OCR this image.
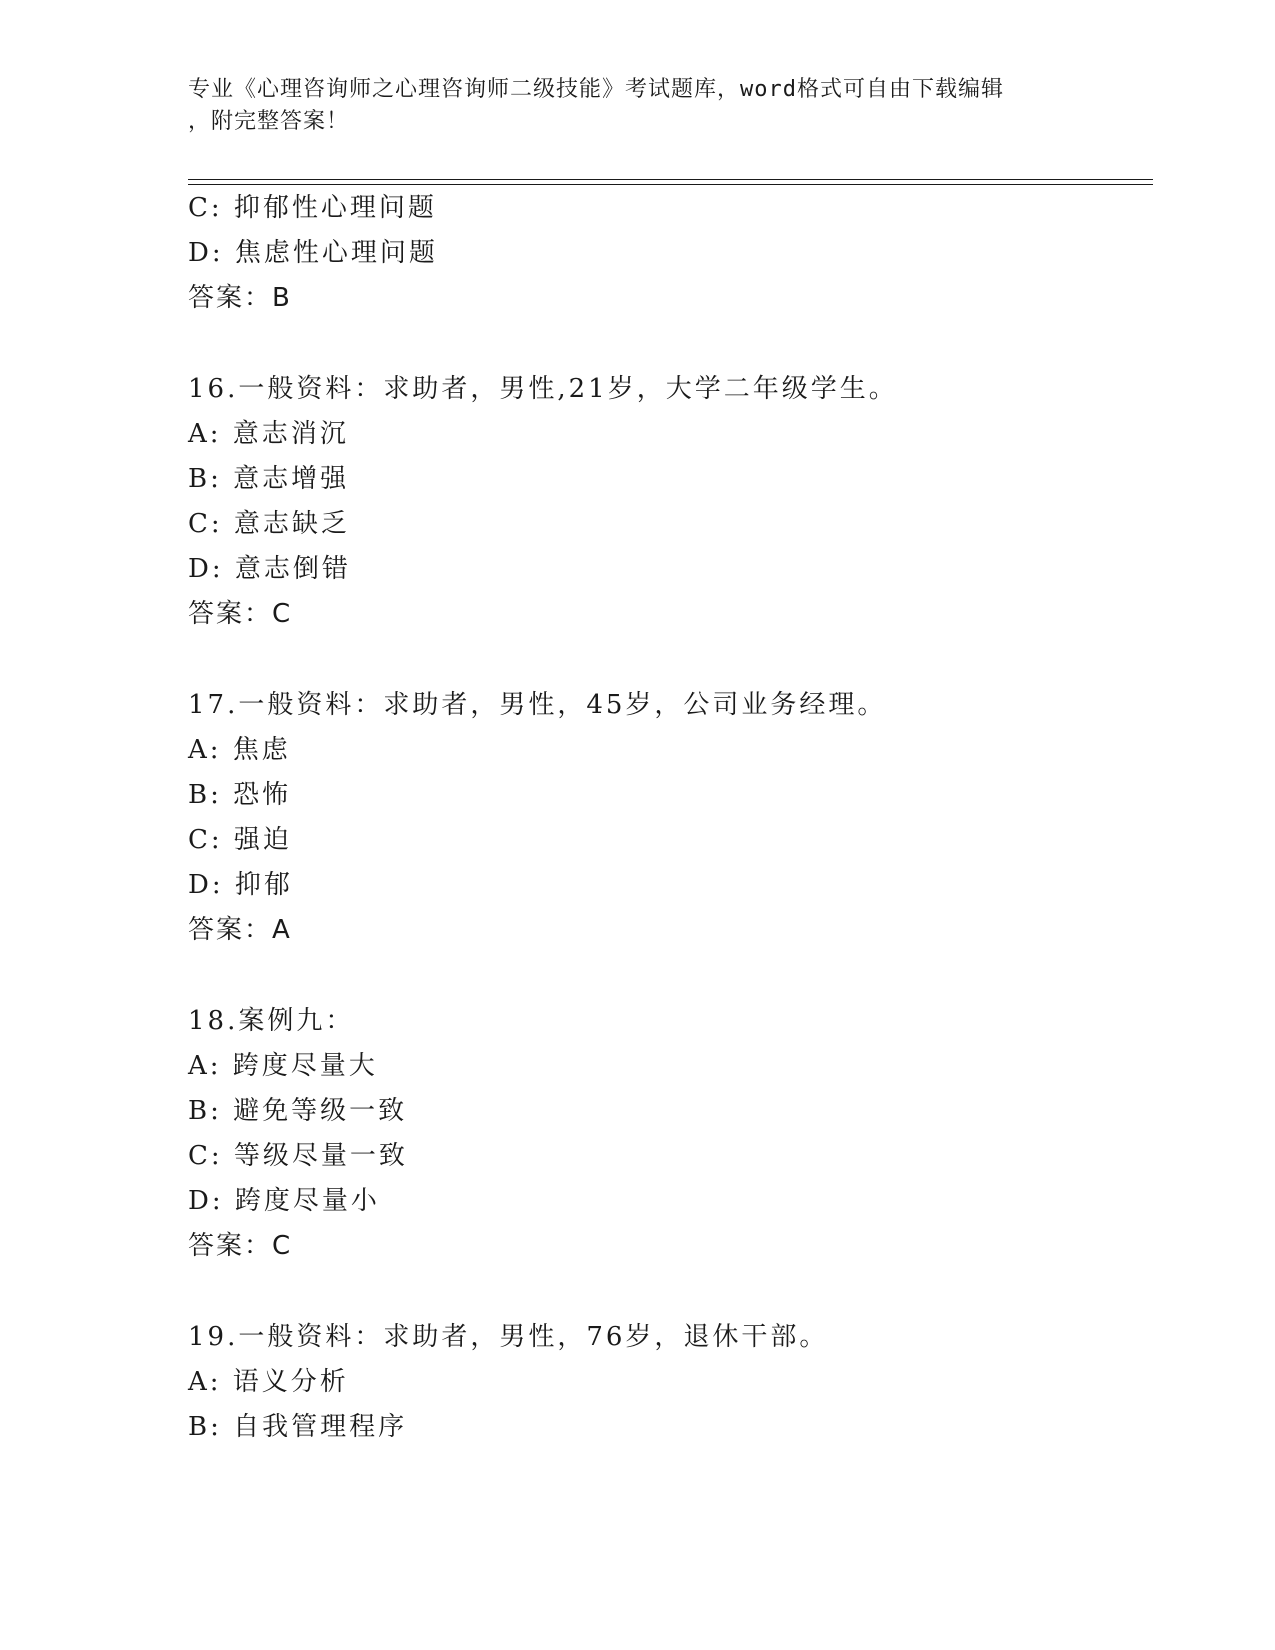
专业《心理咨询师之心理咨询师二级技能》考试题库，word格式可自由下载编辑
，附完整答案！
C: 抑郁性心理问题
D: 焦虑性心理问题
答案：B
16.一般资料：求助者，男性,21岁，大学二年级学生。
A: 意志消沉
B: 意志增强
C: 意志缺乏
D: 意志倒错
答案：C
17.一般资料：求助者，男性，45岁，公司业务经理。
A: 焦虑
B: 恐怖
C: 强迫
D: 抑郁
答案：A
18.案例九：
A: 跨度尽量大
B: 避免等级一致
C: 等级尽量一致
D: 跨度尽量小
答案：C
19.一般资料：求助者，男性，76岁，退休干部。
A: 语义分析
B: 自我管理程序
